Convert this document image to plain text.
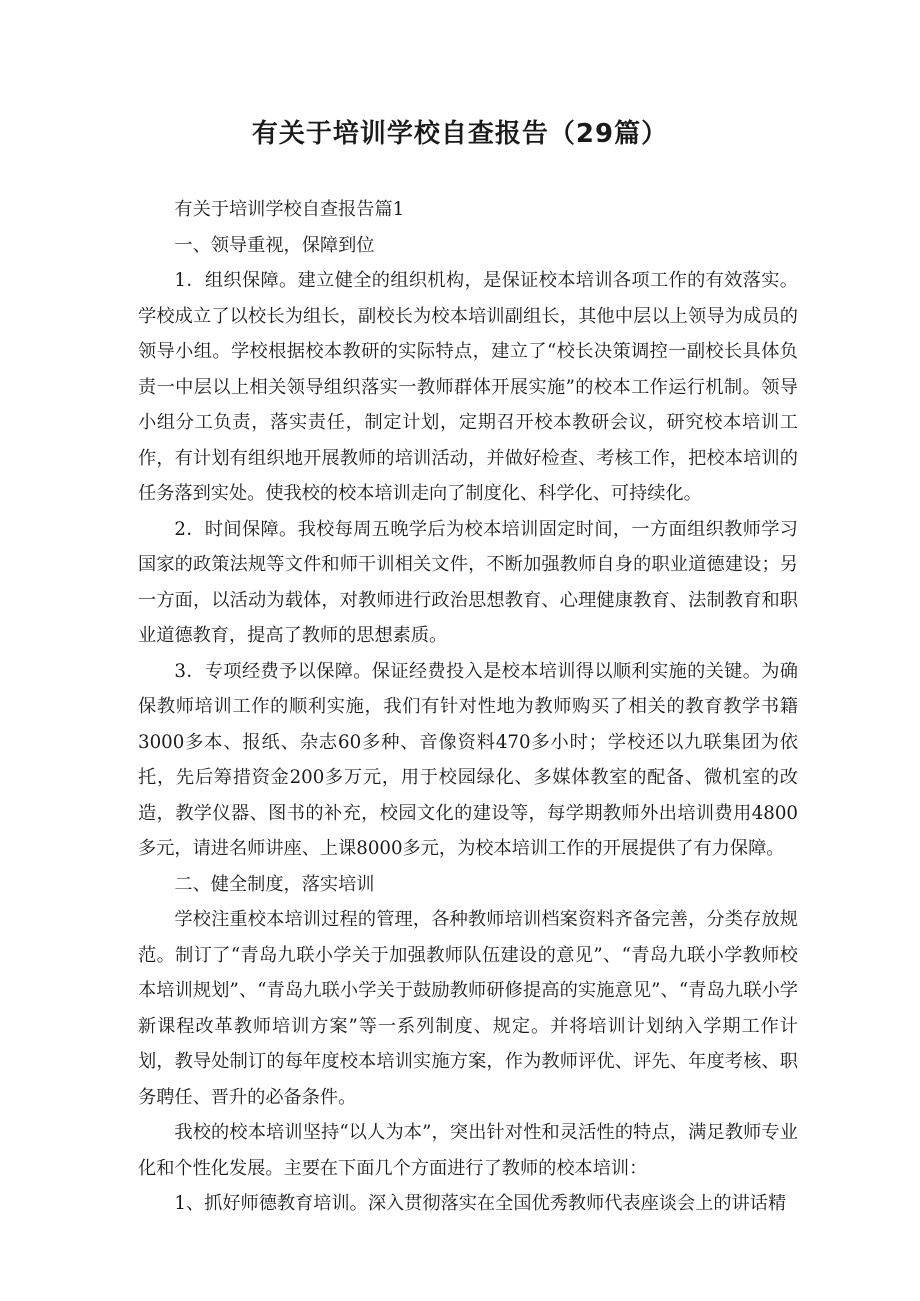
有关于培训学校自查报告（29篇）

有关于培训学校自查报告篇1

一、领导重视，保障到位

1．组织保障。建立健全的组织机构，是保证校本培训各项工作的有效落实。学校成立了以校长为组长，副校长为校本培训副组长，其他中层以上领导为成员的领导小组。学校根据校本教研的实际特点，建立了“校长决策调控一副校长具体负责一中层以上相关领导组织落实一教师群体开展实施”的校本工作运行机制。领导小组分工负责，落实责任，制定计划，定期召开校本教研会议，研究校本培训工作，有计划有组织地开展教师的培训活动，并做好检查、考核工作，把校本培训的任务落到实处。使我校的校本培训走向了制度化、科学化、可持续化。

2．时间保障。我校每周五晚学后为校本培训固定时间，一方面组织教师学习国家的政策法规等文件和师干训相关文件，不断加强教师自身的职业道德建设；另一方面，以活动为载体，对教师进行政治思想教育、心理健康教育、法制教育和职业道德教育，提高了教师的思想素质。

3．专项经费予以保障。保证经费投入是校本培训得以顺利实施的关键。为确保教师培训工作的顺利实施，我们有针对性地为教师购买了相关的教育教学书籍3000多本、报纸、杂志60多种、音像资料470多小时；学校还以九联集团为依托，先后筹措资金200多万元，用于校园绿化、多媒体教室的配备、微机室的改造，教学仪器、图书的补充，校园文化的建设等，每学期教师外出培训费用4800多元，请进名师讲座、上课8000多元，为校本培训工作的开展提供了有力保障。

二、健全制度，落实培训

学校注重校本培训过程的管理，各种教师培训档案资料齐备完善，分类存放规范。制订了“青岛九联小学关于加强教师队伍建设的意见”、“青岛九联小学教师校本培训规划”、“青岛九联小学关于鼓励教师研修提高的实施意见”、“青岛九联小学新课程改革教师培训方案”等一系列制度、规定。并将培训计划纳入学期工作计划，教导处制订的每年度校本培训实施方案，作为教师评优、评先、年度考核、职务聘任、晋升的必备条件。

我校的校本培训坚持“以人为本”，突出针对性和灵活性的特点，满足教师专业化和个性化发展。主要在下面几个方面进行了教师的校本培训：

1、抓好师德教育培训。深入贯彻落实在全国优秀教师代表座谈会上的讲话精
